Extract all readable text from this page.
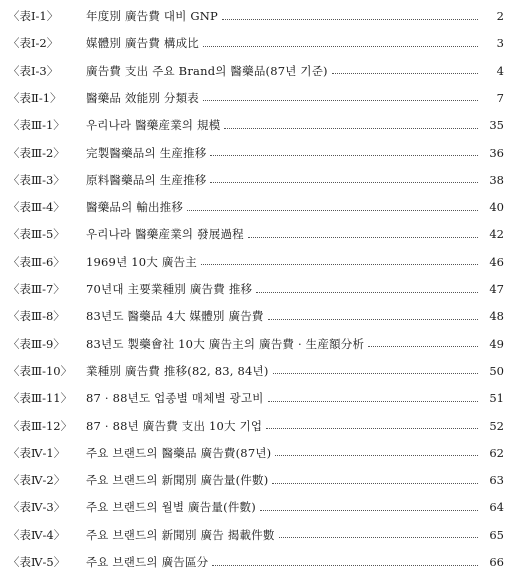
〈表Ⅰ-1〉	年度別 廣告費 대비 GNP	2
〈表Ⅰ-2〉	媒體別 廣告費 構成比	3
〈表Ⅰ-3〉	廣告費 支出 주요 Brand의 醫藥品(87년 기준)	4
〈表Ⅱ-1〉	醫藥品 效能別 分類表	7
〈表Ⅲ-1〉	우리나라 醫藥産業의 規模	35
〈表Ⅲ-2〉	完製醫藥品의 生産推移	36
〈表Ⅲ-3〉	原料醫藥品의 生産推移	38
〈表Ⅲ-4〉	醫藥品의 輸出推移	40
〈表Ⅲ-5〉	우리나라 醫藥産業의 發展過程	42
〈表Ⅲ-6〉	1969년 10大 廣告主	46
〈表Ⅲ-7〉	70년대 主要業種別 廣告費 推移	47
〈表Ⅲ-8〉	83년도 醫藥品 4大 媒體別 廣告費	48
〈表Ⅲ-9〉	83년도 製藥會社 10大 廣告主의 廣告費 · 生産額分析	49
〈表Ⅲ-10〉	業種別 廣告費 推移(82, 83, 84년)	50
〈表Ⅲ-11〉	87 · 88년도 업종별 매체별 광고비	51
〈表Ⅲ-12〉	87 · 88년 廣告費 支出 10大 기업	52
〈表Ⅳ-1〉	주요 브랜드의 醫藥品 廣告費(87년)	62
〈表Ⅳ-2〉	주요 브랜드의 新聞別 廣告量(件數)	63
〈表Ⅳ-3〉	주요 브랜드의 월별 廣告量(件數)	64
〈表Ⅳ-4〉	주요 브랜드의 新聞別 廣告 揭載件數	65
〈表Ⅳ-5〉	주요 브랜드의 廣告區分	66
